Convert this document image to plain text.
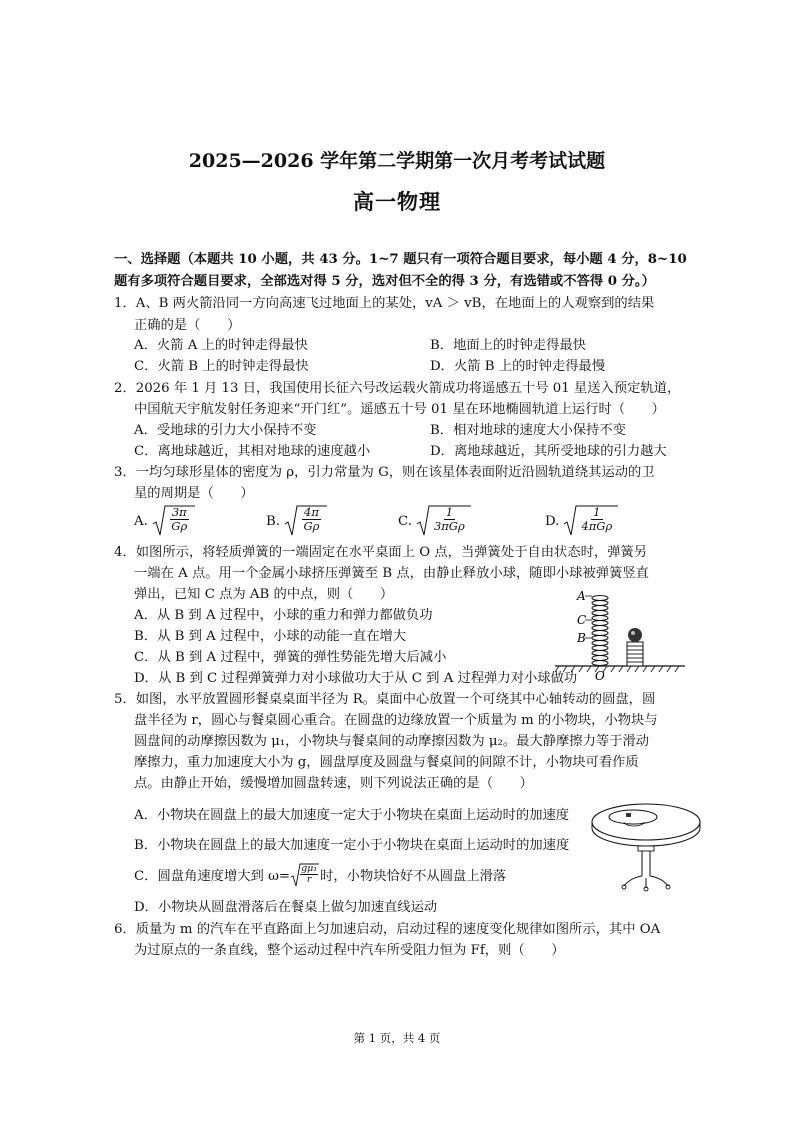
2025—2026 学年第二学期第一次月考考试试题
高一物理
一、选择题（本题共 10 小题，共 43 分。1~7 题只有一项符合题目要求，每小题 4 分，8~10
题有多项符合题目要求，全部选对得 5 分，选对但不全的得 3 分，有选错或不答得 0 分。）
1．A、B 两火箭沿同一方向高速飞过地面上的某处，vA ＞ vB，在地面上的人观察到的结果
正确的是（　　）
A．火箭 A 上的时钟走得最快	B．地面上的时钟走得最快
C．火箭 B 上的时钟走得最快	D．火箭 B 上的时钟走得最慢
2．2026 年 1 月 13 日，我国使用长征六号改运载火箭成功将遥感五十号 01 星送入预定轨道，
中国航天宇航发射任务迎来“开门红”。遥感五十号 01 星在环地椭圆轨道上运行时（　　）
A．受地球的引力大小保持不变	B．相对地球的速度大小保持不变
C．离地球越近，其相对地球的速度越小	D．离地球越近，其所受地球的引力越大
3．一均匀球形星体的密度为 ρ，引力常量为 G，则在该星体表面附近沿圆轨道绕其运动的卫
星的周期是（　　）
A. $\frac{3\pi}{G\rho}$	B. $\frac{4\pi}{G\rho}$	C. $\frac{1}{\text{3πGρ}}$	D. $\frac{1}{\text{4πGρ}}$
4．如图所示，将轻质弹簧的一端固定在水平桌面上 O 点，当弹簧处于自由状态时，弹簧另
一端在 A 点。用一个金属小球挤压弹簧至 B 点，由静止释放小球，随即小球被弹簧竖直
弹出，已知 C 点为 AB 的中点，则（　　）
A．从 B 到 A 过程中，小球的重力和弹力都做负功
B．从 B 到 A 过程中，小球的动能一直在增大
C．从 B 到 A 过程中，弹簧的弹性势能先增大后减小
D．从 B 到 C 过程弹簧弹力对小球做功大于从 C 到 A 过程弹力对小球做功
A
C
B
O
5．如图，水平放置圆形餐桌桌面半径为 R。桌面中心放置一个可绕其中心轴转动的圆盘，圆
盘半径为 r，圆心与餐桌圆心重合。在圆盘的边缘放置一个质量为 m 的小物块，小物块与
圆盘间的动摩擦因数为 μ₁，小物块与餐桌间的动摩擦因数为 μ₂。最大静摩擦力等于滑动
摩擦力，重力加速度大小为 g，圆盘厚度及圆盘与餐桌间的间隙不计，小物块可看作质
点。由静止开始，缓慢增加圆盘转速，则下列说法正确的是（　　）
A．小物块在圆盘上的最大加速度一定大于小物块在桌面上运动时的加速度
B．小物块在圆盘上的最大加速度一定小于小物块在桌面上运动时的加速度
C．圆盘角速度增大到 $\omega= \frac{\text{gμ₁}}{r}$ 时，小物块恰好不从圆盘上滑落
D．小物块从圆盘滑落后在餐桌上做匀加速直线运动
6．质量为 m 的汽车在平直路面上匀加速启动，启动过程的速度变化规律如图所示，其中 OA
为过原点的一条直线，整个运动过程中汽车所受阻力恒为 Ff，则（　　）
第 1 页，共 4 页
